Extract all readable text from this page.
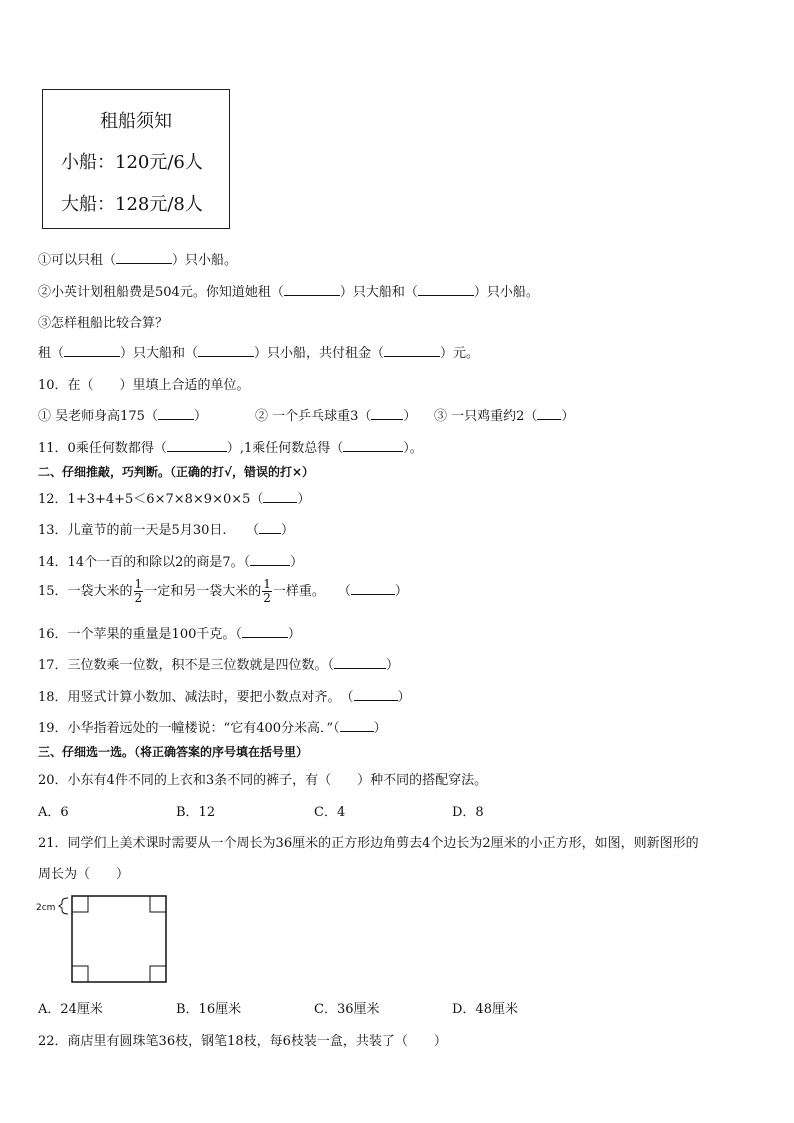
租船须知
小船：120元/6人
大船：128元/8人
①可以只租（	）只小船。
②小英计划租船费是504元。你知道她租（	）只大船和（	）只小船。
③怎样租船比较合算？
租（	）只大船和（	）只小船，共付租金（	）元。
10．在（　　）里填上合适的单位。
① 吴老师身高175（	）	② 一个乒乓球重3（ ） ③ 一只鸡重约2（ ）
11．0乘任何数都得（	）,1乘任何数总得（	）。
二、仔细推敲，巧判断。（正确的打√，错误的打×）
12．1+3+4+5＜6×7×8×9×0×5（	）
13．儿童节的前一天是5月30日.　　（ ）
14．14个一百的和除以2的商是7。（	）
15．一袋大米的 $\frac{1}{2}$ 一定和另一袋大米的 $\frac{1}{2}$ 一样重。　　（	）
16．一个苹果的重量是100千克。（	）
17．三位数乘一位数，积不是三位数就是四位数。（	）
18．用竖式计算小数加、减法时，要把小数点对齐。　（	）
19．小华指着远处的一幢楼说：“它有400分米高．”（	）
三、仔细选一选。（将正确答案的序号填在括号里）
20．小东有4件不同的上衣和3条不同的裤子，有（　　）种不同的搭配穿法。
A．6	B．12	C．4	D．8
21．同学们上美术课时需要从一个周长为36厘米的正方形边角剪去4个边长为2厘米的小正方形，如图，则新图形的
周长为（　　）
2cm
A．24厘米	B．16厘米	C．36厘米	D．48厘米
22．商店里有圆珠笔36枝，钢笔18枝，每6枝装一盒，共装了（　　）
